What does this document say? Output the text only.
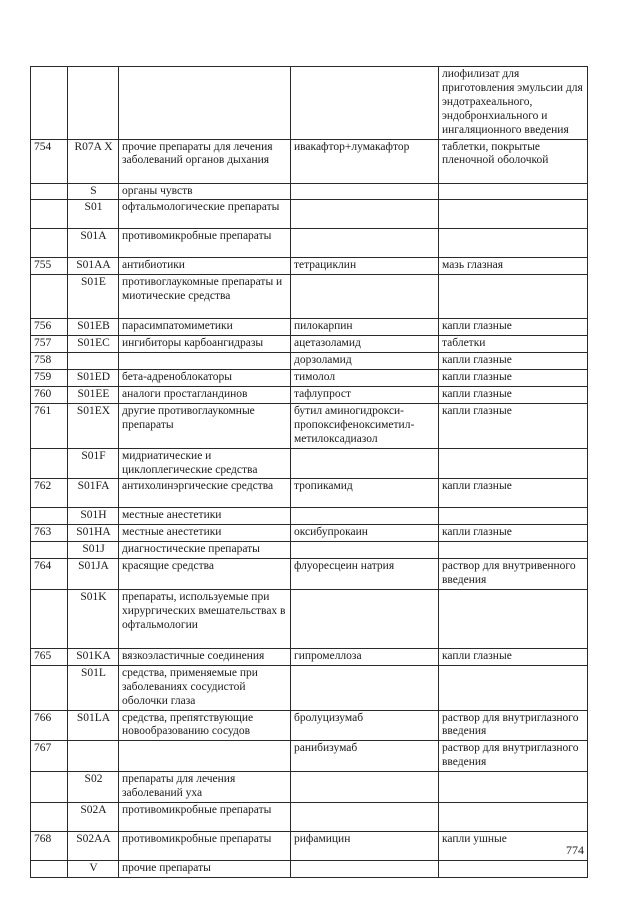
				лиофилизат для приготовления эмульсии для эндотрахеального, эндобронхиального и ингаляционного введения
754	R07A X	прочие препараты для лечения заболеваний органов дыхания	ивакафтор+лумакафтор	таблетки, покрытые пленочной оболочкой
	S	органы чувств		
	S01	офтальмологические препараты		
	S01A	противомикробные препараты		
755	S01AA	антибиотики	тетрациклин	мазь глазная
	S01E	противоглаукомные препараты и миотические средства		
756	S01EB	парасимпатомиметики	пилокарпин	капли глазные
757	S01EC	ингибиторы карбоангидразы	ацетазоламид	таблетки
758			дорзоламид	капли глазные
759	S01ED	бета-адреноблокаторы	тимолол	капли глазные
760	S01EE	аналоги простагландинов	тафлупрост	капли глазные
761	S01EX	другие противоглаукомные препараты	бутил аминогидрокси-пропоксифеноксиметил-метилоксадиазол	капли глазные
	S01F	мидриатические и циклоплегические средства		
762	S01FA	антихолинэргические средства	тропикамид	капли глазные
	S01H	местные анестетики		
763	S01HA	местные анестетики	оксибупрокаин	капли глазные
	S01J	диагностические препараты		
764	S01JA	красящие средства	флуоресцеин натрия	раствор для внутривенного введения
	S01K	препараты, используемые при хирургических вмешательствах в офтальмологии		
765	S01KA	вязкоэластичные соединения	гипромеллоза	капли глазные
	S01L	средства, применяемые при заболеваниях сосудистой оболочки глаза		
766	S01LA	средства, препятствующие новообразованию сосудов	бролуцизумаб	раствор для внутриглазного введения
767			ранибизумаб	раствор для внутриглазного введения
	S02	препараты для лечения заболеваний уха		
	S02A	противомикробные препараты		
768	S02AA	противомикробные препараты	рифамицин	капли ушные
	V	прочие препараты		
774
